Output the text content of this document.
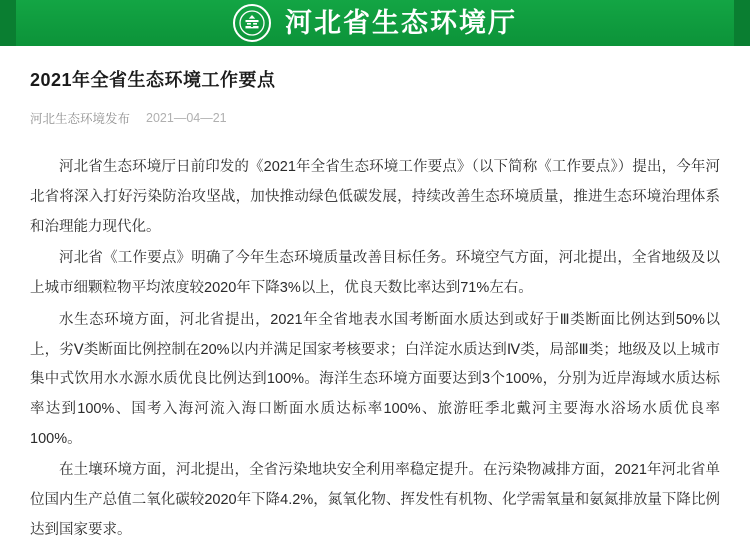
河北省生态环境厅
2021年全省生态环境工作要点
河北生态环境发布 2021—04—21

河北省生态环境厅日前印发的《2021年全省生态环境工作要点》（以下简称《工作要点》）提出，今年河北省将深入打好污染防治攻坚战，加快推动绿色低碳发展，持续改善生态环境质量，推进生态环境治理体系和治理能力现代化。

河北省《工作要点》明确了今年生态环境质量改善目标任务。环境空气方面，河北提出，全省地级及以上城市细颗粒物平均浓度较2020年下降3%以上，优良天数比率达到71%左右。

水生态环境方面，河北省提出，2021年全省地表水国考断面水质达到或好于Ⅲ类断面比例达到50%以上，劣Ⅴ类断面比例控制在20%以内并满足国家考核要求；白洋淀水质达到Ⅳ类，局部Ⅲ类；地级及以上城市集中式饮用水水源水质优良比例达到100%。海洋生态环境方面要达到3个100%，分别为近岸海域水质达标率达到100%、国考入海河流入海口断面水质达标率100%、旅游旺季北戴河主要海水浴场水质优良率100%。

在土壤环境方面，河北提出，全省污染地块安全利用率稳定提升。在污染物减排方面，2021年河北省单位国内生产总值二氧化碳较2020年下降4.2%，氮氧化物、挥发性有机物、化学需氧量和氨氮排放量下降比例达到国家要求。
